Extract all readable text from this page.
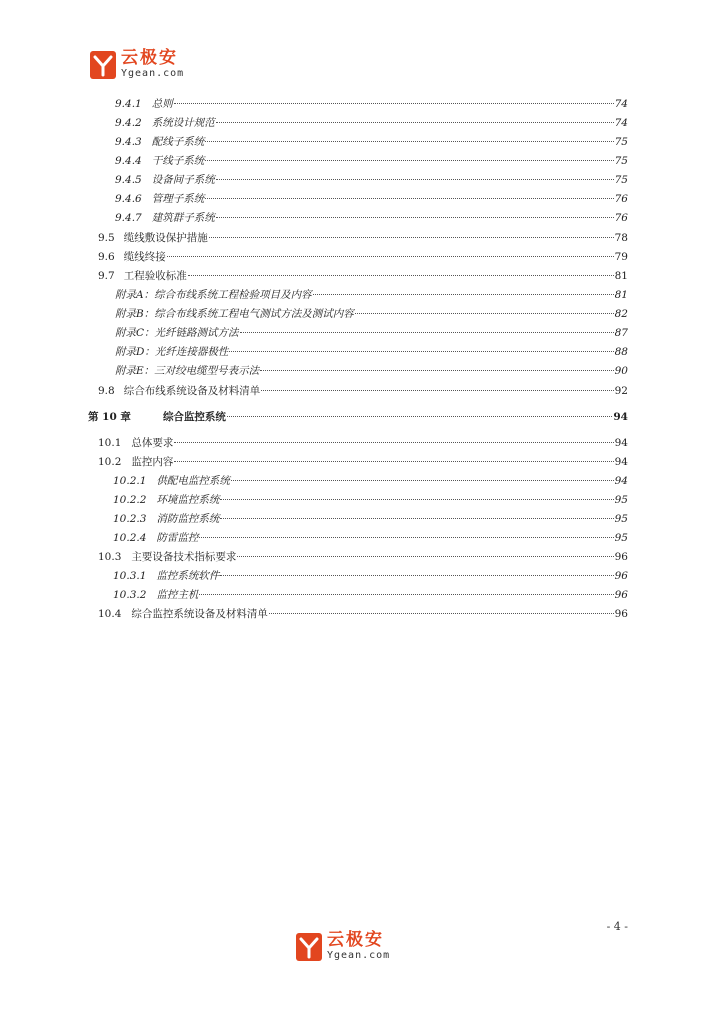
云极安
Ygean.com
9.4.1 总则	74
9.4.2 系统设计规范	74
9.4.3 配线子系统	75
9.4.4 干线子系统	75
9.4.5 设备间子系统	75
9.4.6 管理子系统	76
9.4.7 建筑群子系统	76
9.5 缆线敷设保护措施	78
9.6 缆线终接	79
9.7 工程验收标准	81
附录A： 综合布线系统工程检验项目及内容	81
附录B： 综合布线系统工程电气测试方法及测试内容	82
附录C： 光纤链路测试方法	87
附录D： 光纤连接器极性	88
附录E： 三对绞电缆型号表示法	90
9.8 综合布线系统设备及材料清单	92
第 10 章	综合监控系统	94
10.1 总体要求	94
10.2 监控内容	94
10.2.1 供配电监控系统	94
10.2.2 环境监控系统	95
10.2.3 消防监控系统	95
10.2.4 防雷监控	95
10.3 主要设备技术指标要求	96
10.3.1 监控系统软件	96
10.3.2 监控主机	96
10.4 综合监控系统设备及材料清单	96
- 4 -
云极安
Ygean.com
